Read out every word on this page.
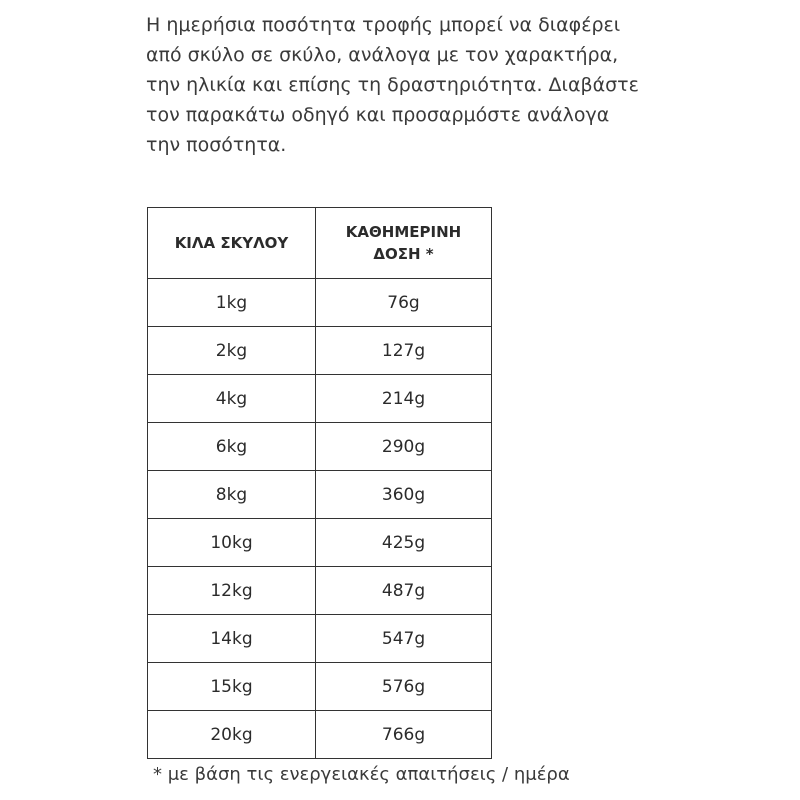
Η ημερήσια ποσότητα τροφής μπορεί να διαφέρει
από σκύλο σε σκύλο, ανάλογα με τον χαρακτήρα,
την ηλικία και επίσης τη δραστηριότητα. Διαβάστε
τον παρακάτω οδηγό και προσαρμόστε ανάλογα
την ποσότητα.

ΚΙΛΑ ΣΚΥΛΟΥ	ΚΑΘΗΜΕΡΙΝΗ
ΔΟΣΗ *
1kg	76g
2kg	127g
4kg	214g
6kg	290g
8kg	360g
10kg	425g
12kg	487g
14kg	547g
15kg	576g
20kg	766g

* με βάση τις ενεργειακές απαιτήσεις / ημέρα
